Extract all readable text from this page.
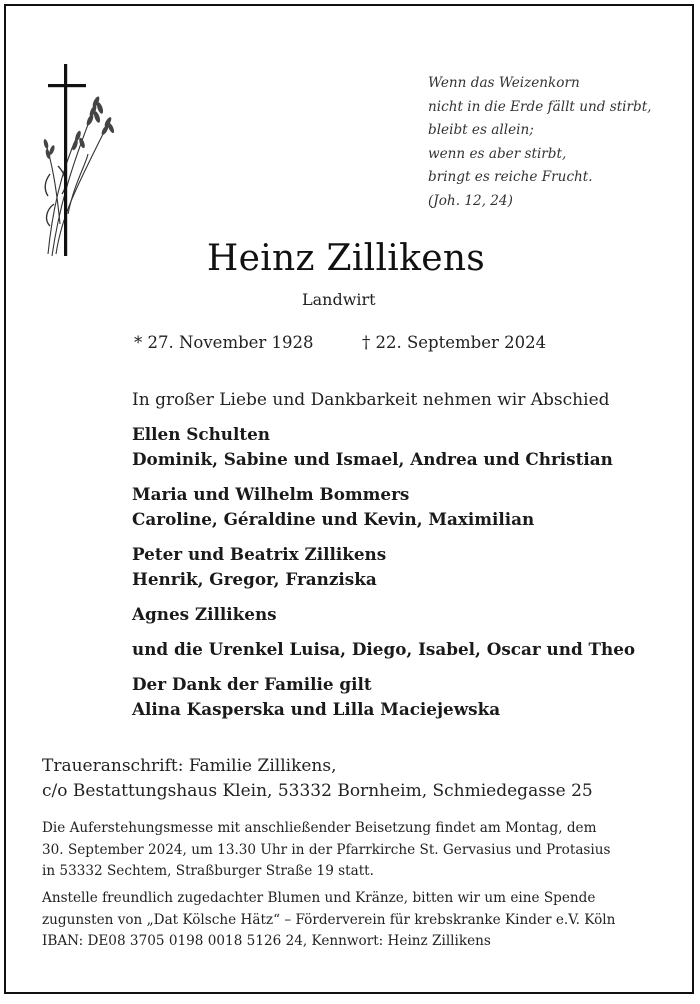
Wenn das Weizenkorn
nicht in die Erde fällt und stirbt,
bleibt es allein;
wenn es aber stirbt,
bringt es reiche Frucht.
(Joh. 12, 24)
Heinz Zillikens
Landwirt
* 27. November 1928	† 22. September 2024
In großer Liebe und Dankbarkeit nehmen wir Abschied
Ellen Schulten
Dominik, Sabine und Ismael, Andrea und Christian
Maria und Wilhelm Bommers
Caroline, Géraldine und Kevin, Maximilian
Peter und Beatrix Zillikens
Henrik, Gregor, Franziska
Agnes Zillikens
und die Urenkel Luisa, Diego, Isabel, Oscar und Theo
Der Dank der Familie gilt
Alina Kasperska und Lilla Maciejewska
Traueranschrift: Familie Zillikens,
c/o Bestattungshaus Klein, 53332 Bornheim, Schmiedegasse 25
Die Auferstehungsmesse mit anschließender Beisetzung findet am Montag, dem
30. September 2024, um 13.30 Uhr in der Pfarrkirche St. Gervasius und Protasius
in 53332 Sechtem, Straßburger Straße 19 statt.
Anstelle freundlich zugedachter Blumen und Kränze, bitten wir um eine Spende
zugunsten von „Dat Kölsche Hätz“ – Förderverein für krebskranke Kinder e.V. Köln
IBAN: DE08 3705 0198 0018 5126 24, Kennwort: Heinz Zillikens
